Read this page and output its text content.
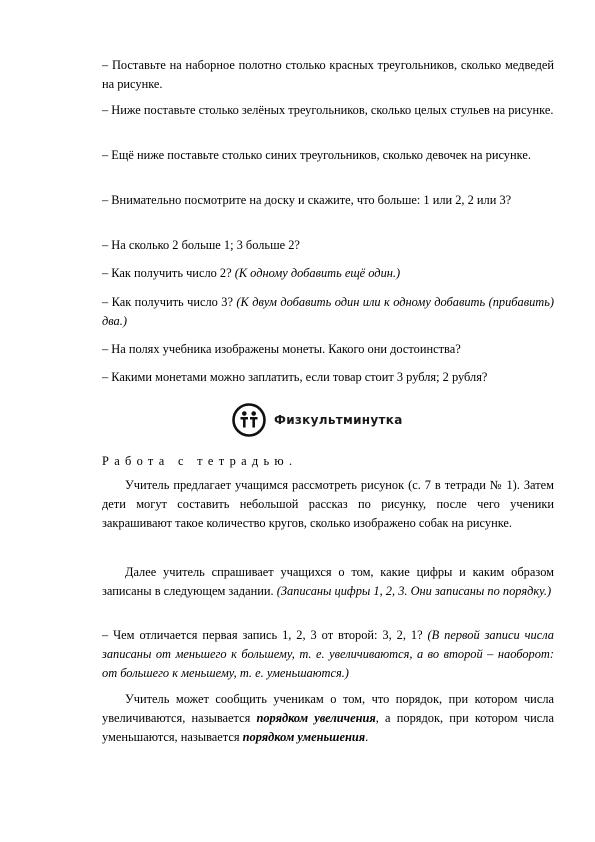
– Поставьте на наборное полотно столько красных треугольников, сколько медведей на рисунке.

– Ниже поставьте столько зелёных треугольников, сколько целых стульев на рисунке.

– Ещё ниже поставьте столько синих треугольников, сколько девочек на рисунке.

– Внимательно посмотрите на доску и скажите, что больше: 1 или 2, 2 или 3?

– На сколько 2 больше 1; 3 больше 2?

– Как получить число 2? (К одному добавить ещё один.)

– Как получить число 3? (К двум добавить один или к одному добавить (прибавить) два.)

– На полях учебника изображены монеты. Какого они достоинства?

– Какими монетами можно заплатить, если товар стоит 3 рубля; 2 рубля?

Физкультминутка

Работа с тетрадью.

Учитель предлагает учащимся рассмотреть рисунок (с. 7 в тетради № 1). Затем дети могут составить небольшой рассказ по рисунку, после чего ученики закрашивают такое количество кругов, сколько изображено собак на рисунке.

Далее учитель спрашивает учащихся о том, какие цифры и каким образом записаны в следующем задании. (Записаны цифры 1, 2, 3. Они записаны по порядку.)

– Чем отличается первая запись 1, 2, 3 от второй: 3, 2, 1? (В первой записи числа записаны от меньшего к большему, т. е. увеличиваются, а во второй – наоборот: от большего к меньшему, т. е. уменьшаются.)

Учитель может сообщить ученикам о том, что порядок, при котором числа увеличиваются, называется порядком увеличения, а порядок, при котором числа уменьшаются, называется порядком уменьшения.
